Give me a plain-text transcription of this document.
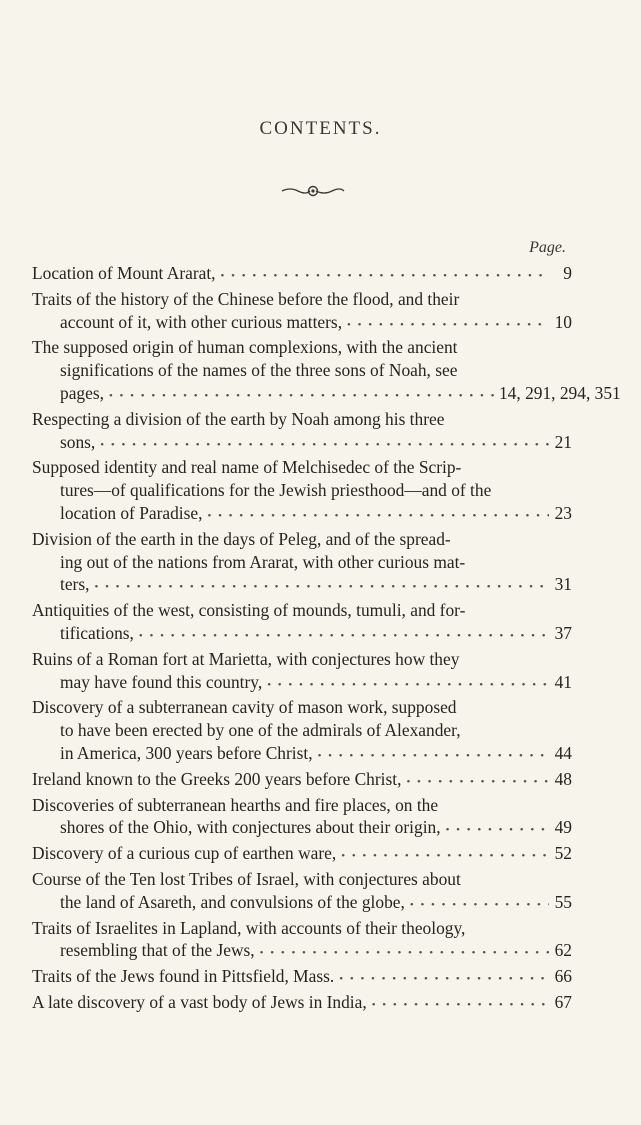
CONTENTS.
Page.
Location of Mount Ararat, • • •	9
Traits of the history of the Chinese before the flood, and their
account of it, with other curious matters, • • •	10
The supposed origin of human complexions, with the ancient
significations of the names of the three sons of Noah, see
pages, • • •	14, 291, 294, 351
Respecting a division of the earth by Noah among his three
sons, • • •	21
Supposed identity and real name of Melchisedec of the Scrip-
tures—of qualifications for the Jewish priesthood—and of the
location of Paradise, • • •	23
Division of the earth in the days of Peleg, and of the spread-
ing out of the nations from Ararat, with other curious mat-
ters, • • •	31
Antiquities of the west, consisting of mounds, tumuli, and for-
tifications, • • •	37
Ruins of a Roman fort at Marietta, with conjectures how they
may have found this country, • • •	41
Discovery of a subterranean cavity of mason work, supposed
to have been erected by one of the admirals of Alexander,
in America, 300 years before Christ, • • •	44
Ireland known to the Greeks 200 years before Christ, • • •	48
Discoveries of subterranean hearths and fire places, on the
shores of the Ohio, with conjectures about their origin, • • •	49
Discovery of a curious cup of earthen ware, • • •	52
Course of the Ten lost Tribes of Israel, with conjectures about
the land of Asareth, and convulsions of the globe, • • •	55
Traits of Israelites in Lapland, with accounts of their theology,
resembling that of the Jews, • • •	62
Traits of the Jews found in Pittsfield, Mass. • • •	66
A late discovery of a vast body of Jews in India, • • •	67
